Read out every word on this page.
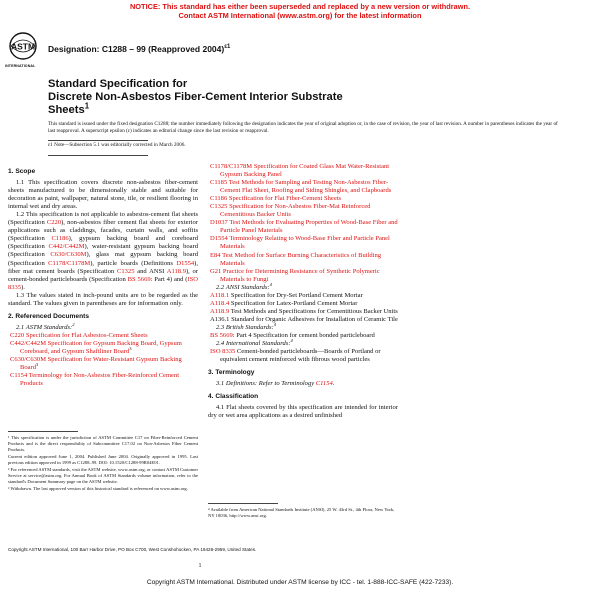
NOTICE: This standard has either been superseded and replaced by a new version or withdrawn.
Contact ASTM International (www.astm.org) for the latest information
ASTM
INTERNATIONAL
Designation: C1288 – 99 (Reapproved 2004)$^{\varepsilon 1}$
Standard Specification for
Discrete Non-Asbestos Fiber-Cement Interior Substrate
Sheets$^1$
This standard is issued under the fixed designation C1288; the number immediately following the designation indicates the year of original adoption or, in the case of revision, the year of last revision. A number in parentheses indicates the year of last reapproval. A superscript epsilon (ε) indicates an editorial change since the last revision or reapproval.
ε1 Note—Subsection 5.1 was editorially corrected in March 2006.

1. Scope

1.1 This specification covers discrete non-asbestos fiber-cement sheets manufactured to be dimensionally stable and suitable for decoration as paint, wallpaper, natural stone, tile, or resilient flooring in internal wet and dry areas.

1.2 This specification is not applicable to asbestos-cement flat sheets (Specification C220), non-asbestos fiber cement flat sheets for exterior applications such as claddings, facades, curtain walls, and soffits (Specification C1186), gypsum backing board and coreboard (Specification C442/C442M), water-resistant gypsum backing board (Specification C630/C630M), glass mat gypsum backing board (Specification C1178/C1178M), particle boards (Definitions D1554), fiber mat cement boards (Specification C1325 and ANSI A118.9), or cement-bonded particleboards (Specification BS 5669: Part 4) and (ISO 8335).

1.3 The values stated in inch-pound units are to be regarded as the standard. The values given in parentheses are for information only.

2. Referenced Documents

2.1 ASTM Standards:$^2$

C220 Specification for Flat Asbestos-Cement Sheets

C442/C442M Specification for Gypsum Backing Board, Gypsum Coreboard, and Gypsum Shaftliner Board$^3$

C630/C630M Specification for Water-Resistant Gypsum Backing Board$^3$

C1154 Terminology for Non-Asbestos Fiber-Reinforced Cement Products

¹ This specification is under the jurisdiction of ASTM Committee C17 on Fiber-Reinforced Cement Products and is the direct responsibility of Subcommittee C17.02 on Non-Asbestos Fiber Cement Products.

Current edition approved June 1, 2004. Published June 2004. Originally approved in 1995. Last previous edition approved in 1999 as C1288–99. DOI: 10.1520/C1288-99R04E01.

² For referenced ASTM standards, visit the ASTM website, www.astm.org, or contact ASTM Customer Service at service@astm.org. For Annual Book of ASTM Standards volume information, refer to the standard's Document Summary page on the ASTM website.

³ Withdrawn. The last approved version of this historical standard is referenced on www.astm.org.

C1178/C1178M Specification for Coated Glass Mat Water-Resistant Gypsum Backing Panel

C1185 Test Methods for Sampling and Testing Non-Asbestos Fiber-Cement Flat Sheet, Roofing and Siding Shingles, and Clapboards

C1186 Specification for Flat Fiber-Cement Sheets

C1325 Specification for Non-Asbestos Fiber-Mat Reinforced Cementitious Backer Units

D1037 Test Methods for Evaluating Properties of Wood-Base Fiber and Particle Panel Materials

D1554 Terminology Relating to Wood-Base Fiber and Particle Panel Materials

E84 Test Method for Surface Burning Characteristics of Building Materials

G21 Practice for Determining Resistance of Synthetic Polymeric Materials to Fungi

2.2 ANSI Standards:$^4$

A118.1 Specification for Dry-Set Portland Cement Mortar

A118.4 Specification for Latex-Portland Cement Mortar

A118.9 Test Methods and Specifications for Cementitious Backer Units

A136.1 Standard for Organic Adhesives for Installation of Ceramic Tile

2.3 British Standards:$^4$

BS 5669: Part 4 Specification for cement bonded particleboard

2.4 International Standards:$^4$

ISO 8335 Cement-bonded particleboards—Boards of Portland or equivalent cement reinforced with fibrous wood particles

3. Terminology

3.1 Definitions: Refer to Terminology C1154.

4. Classification

4.1 Flat sheets covered by this specification are intended for interior dry or wet area applications as a desired unfinished

⁴ Available from American National Standards Institute (ANSI), 25 W. 43rd St., 4th Floor, New York, NY 10036, http://www.ansi.org.
Copyright ASTM International, 100 Barr Harbor Drive, PO Box C700, West Conshohocken, PA 19428-2959, United States.
1
Copyright ASTM International. Distributed under ASTM license by ICC - tel. 1-888-ICC-SAFE (422-7233).
